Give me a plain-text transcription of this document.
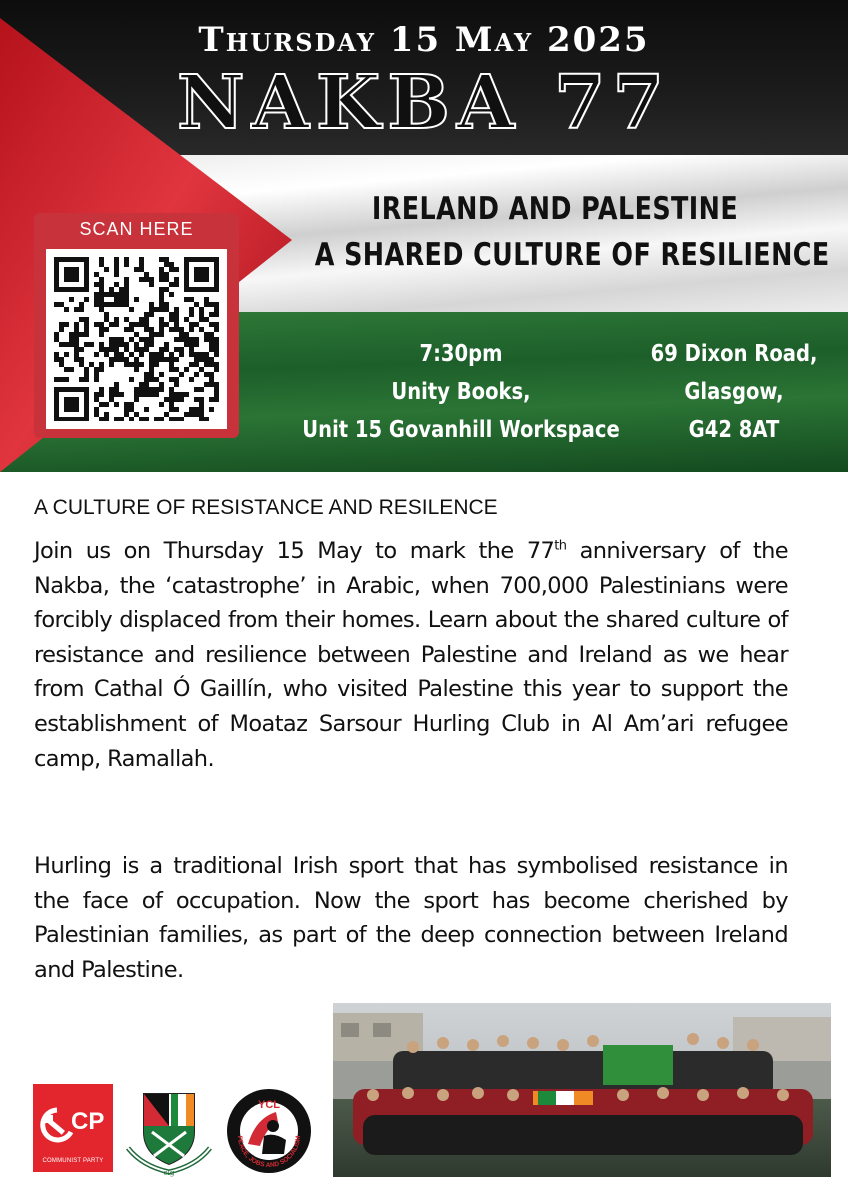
Thursday 15 May 2025
NAKBA 77
SCAN HERE
IRELAND AND PALESTINE
A SHARED CULTURE OF RESILIENCE
7:30pm
Unity Books,
Unit 15 Govanhill Workspace
69 Dixon Road,
Glasgow,
G42 8AT
A CULTURE OF RESISTANCE AND RESILENCE

Join us on Thursday 15 May to mark the 77th anniversary of the Nakba, the ‘catastrophe’ in Arabic, when 700,000 Palestinians were forcibly displaced from their homes. Learn about the shared culture of resistance and resilience between Palestine and Ireland as we hear from Cathal Ó Gaillín, who visited Palestine this year to support the establishment of Moataz Sarsour Hurling Club in Al Am’ari refugee camp, Ramallah.

Hurling is a traditional Irish sport that has symbolised resistance in the face of occupation. Now the sport has become cherished by Palestinian families, as part of the deep connection between Ireland and Palestine.

CP
COMMUNIST PARTY
clg
YCL
PEACE, JOBS AND SOCIALISM
